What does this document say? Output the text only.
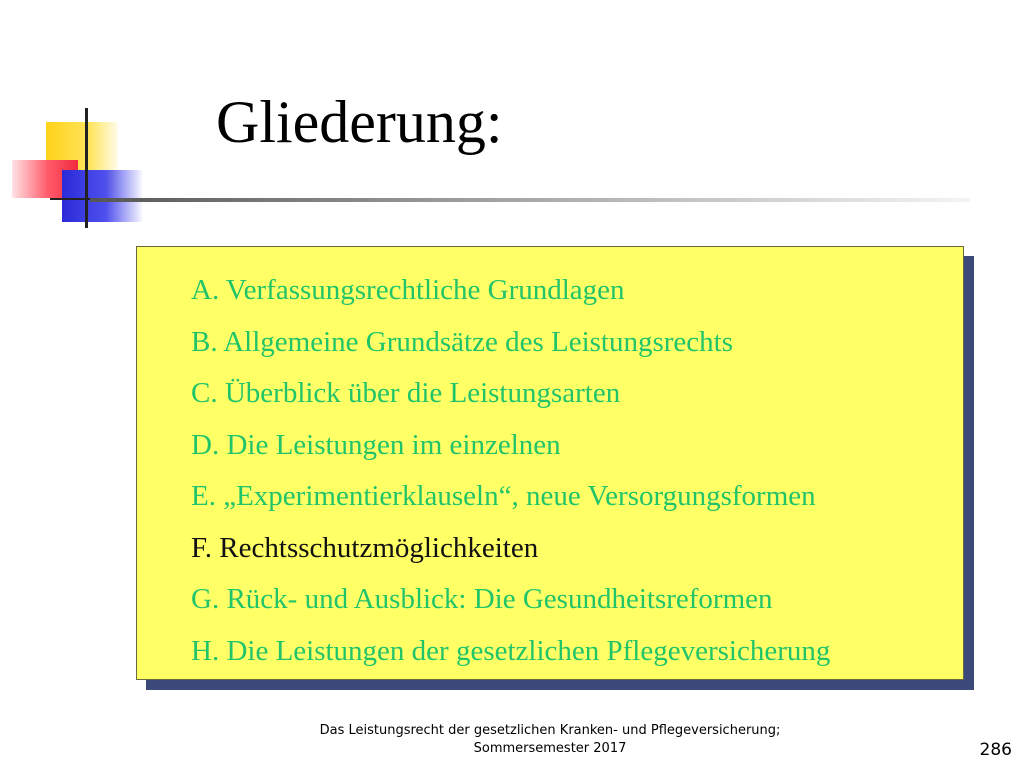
Gliederung:
A. Verfassungsrechtliche Grundlagen
B. Allgemeine Grundsätze des Leistungsrechts
C. Überblick über die Leistungsarten
D. Die Leistungen im einzelnen
E. „Experimentierklauseln“, neue Versorgungsformen
F. Rechtsschutzmöglichkeiten
G. Rück- und Ausblick: Die Gesundheitsreformen
H. Die Leistungen der gesetzlichen Pflegeversicherung
Das Leistungsrecht der gesetzlichen Kranken- und Pflegeversicherung;
Sommersemester 2017	286
